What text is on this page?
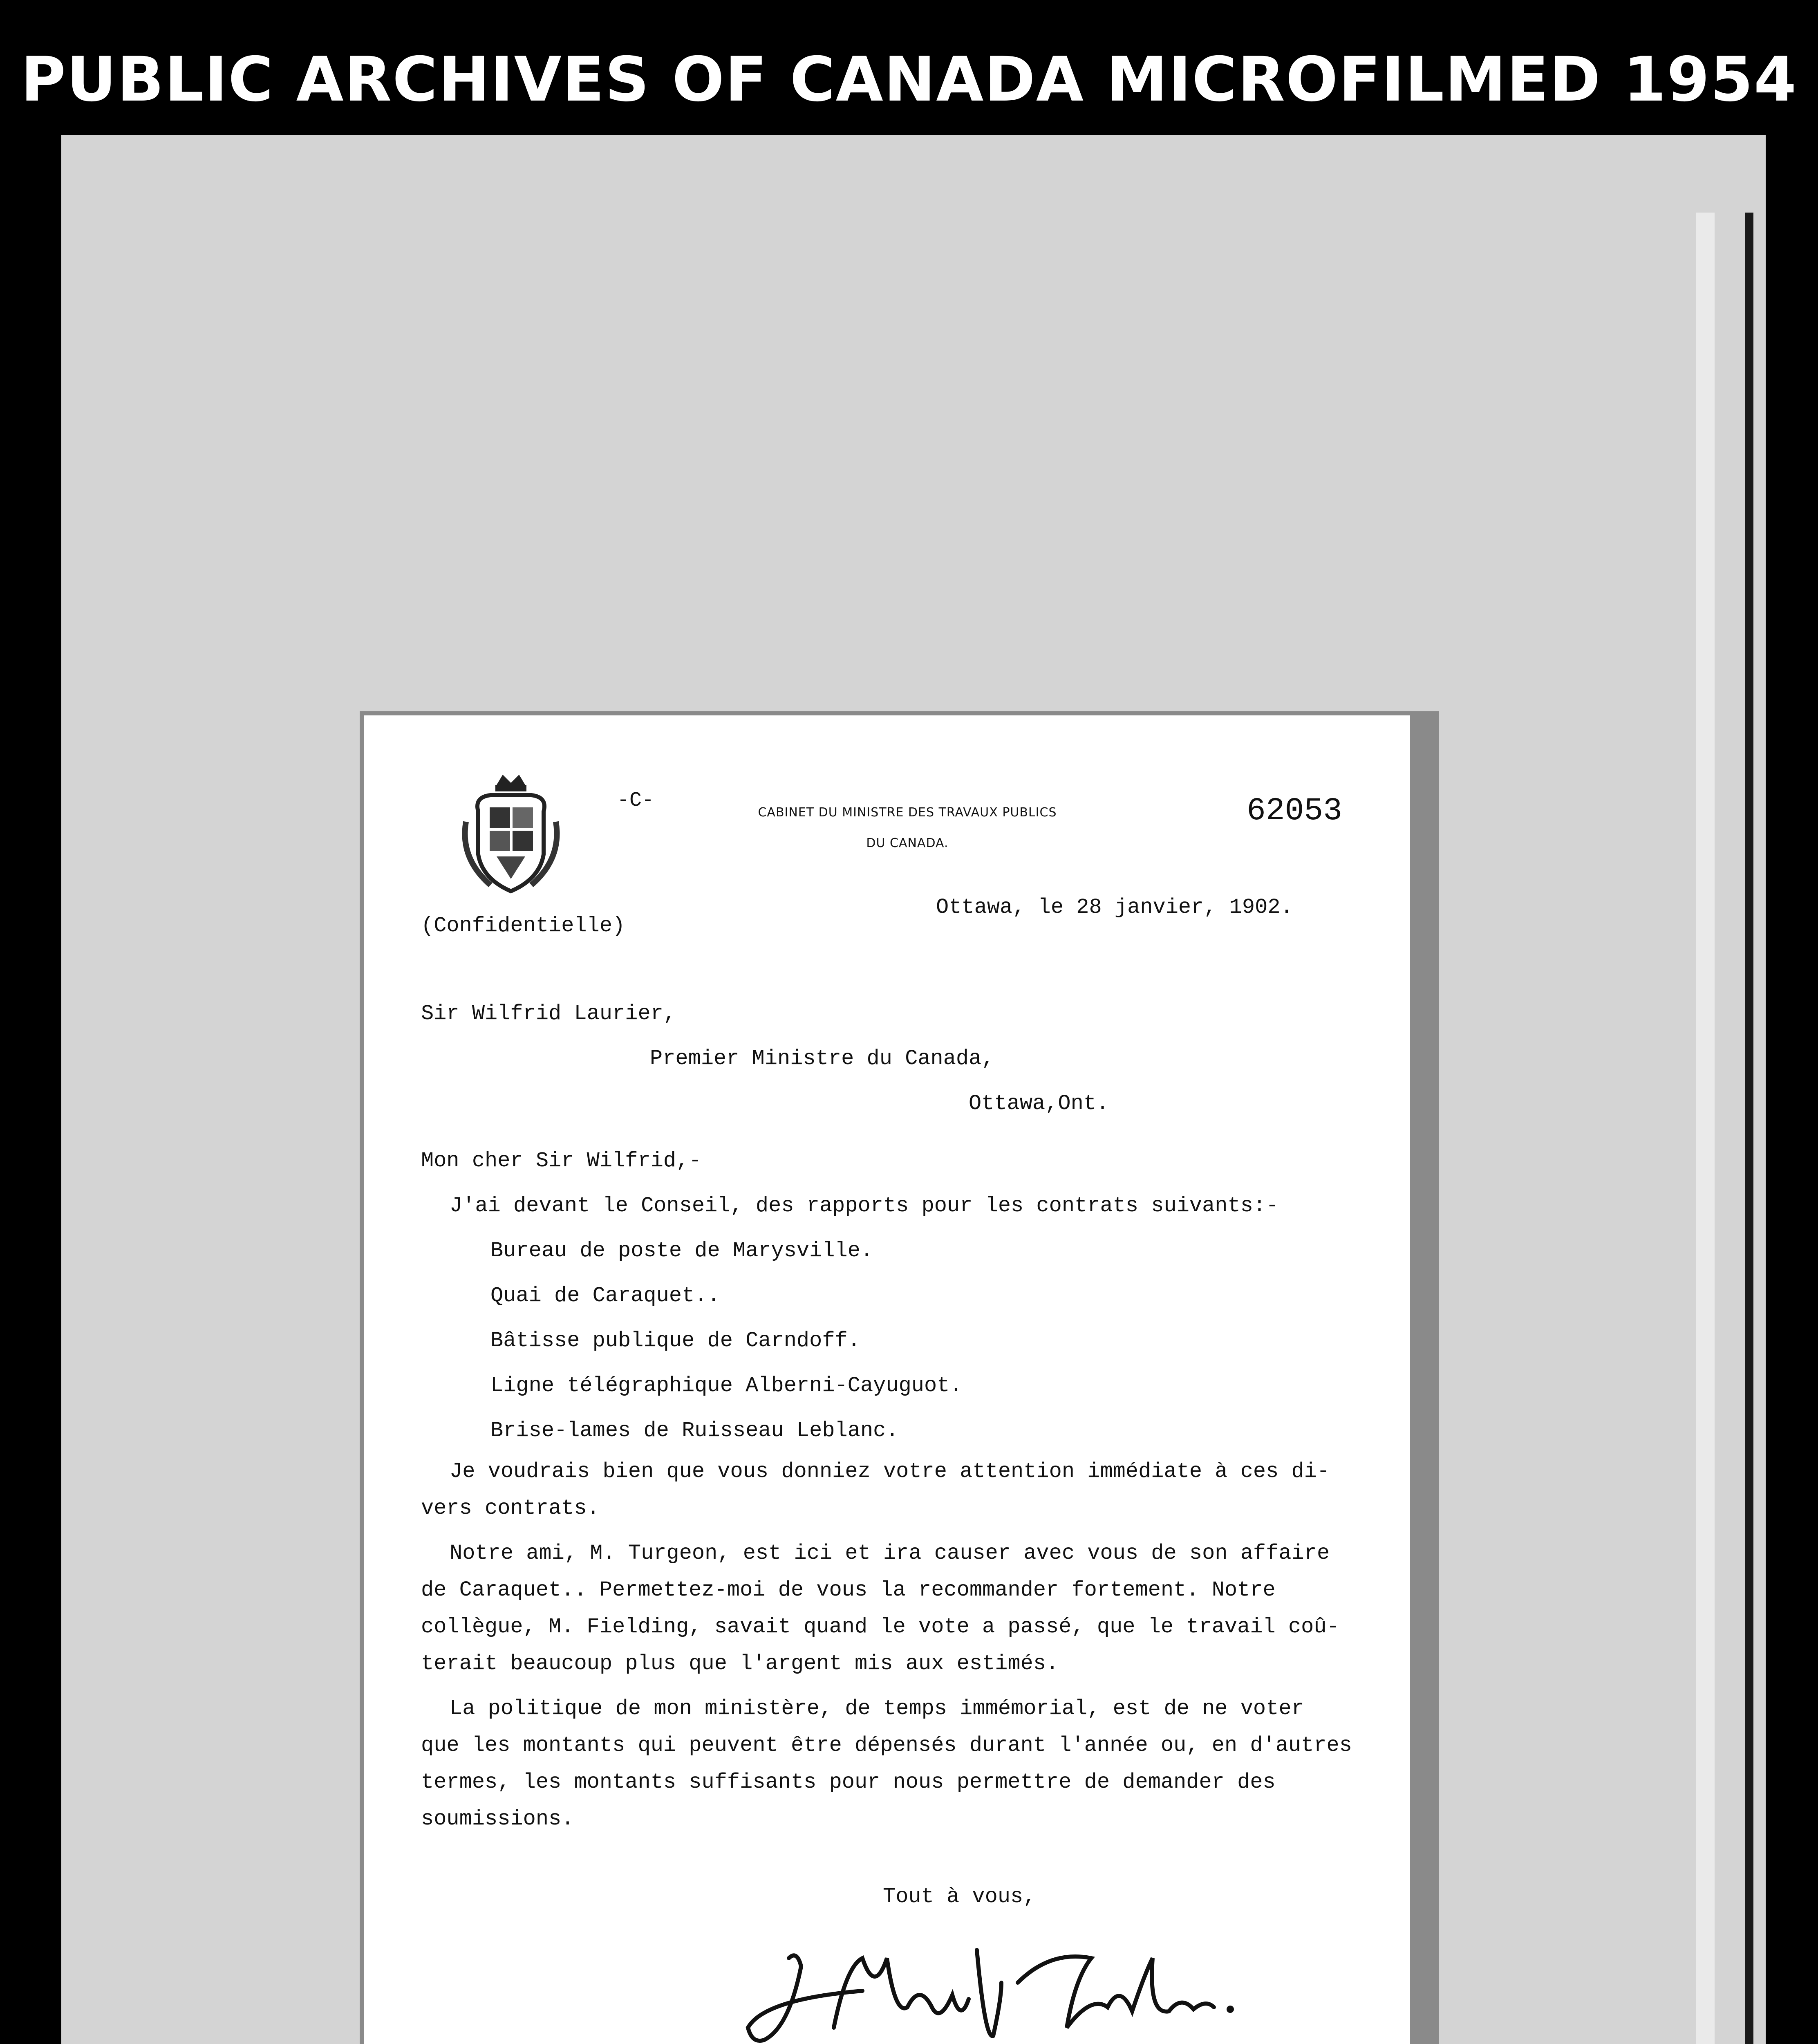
PUBLIC ARCHIVES OF CANADA MICROFILMED 1954
-C-
CABINET DU MINISTRE DES TRAVAUX PUBLICS
DU CANADA.
62053
(Confidentielle)
Ottawa, le 28 janvier, 1902.
Sir Wilfrid Laurier,
Premier Ministre du Canada,
Ottawa,Ont.
Mon cher Sir Wilfrid,-
J'ai devant le Conseil, des rapports pour les contrats suivants:-
Bureau de poste de Marysville.
Quai de Caraquet..
Bâtisse publique de Carndoff.
Ligne télégraphique Alberni-Cayuguot.
Brise-lames de Ruisseau Leblanc.
Je voudrais bien que vous donniez votre attention immédiate à ces di-
vers contrats.
Notre ami, M. Turgeon, est ici et ira causer avec vous de son affaire
de Caraquet.. Permettez-moi de vous la recommander fortement. Notre
collègue, M. Fielding, savait quand le vote a passé, que le travail coû-
terait beaucoup plus que l'argent mis aux estimés.
La politique de mon ministère, de temps immémorial, est de ne voter
que les montants qui peuvent être dépensés durant l'année ou, en d'autres
termes, les montants suffisants pour nous permettre de demander des
soumissions.
Tout à vous,
